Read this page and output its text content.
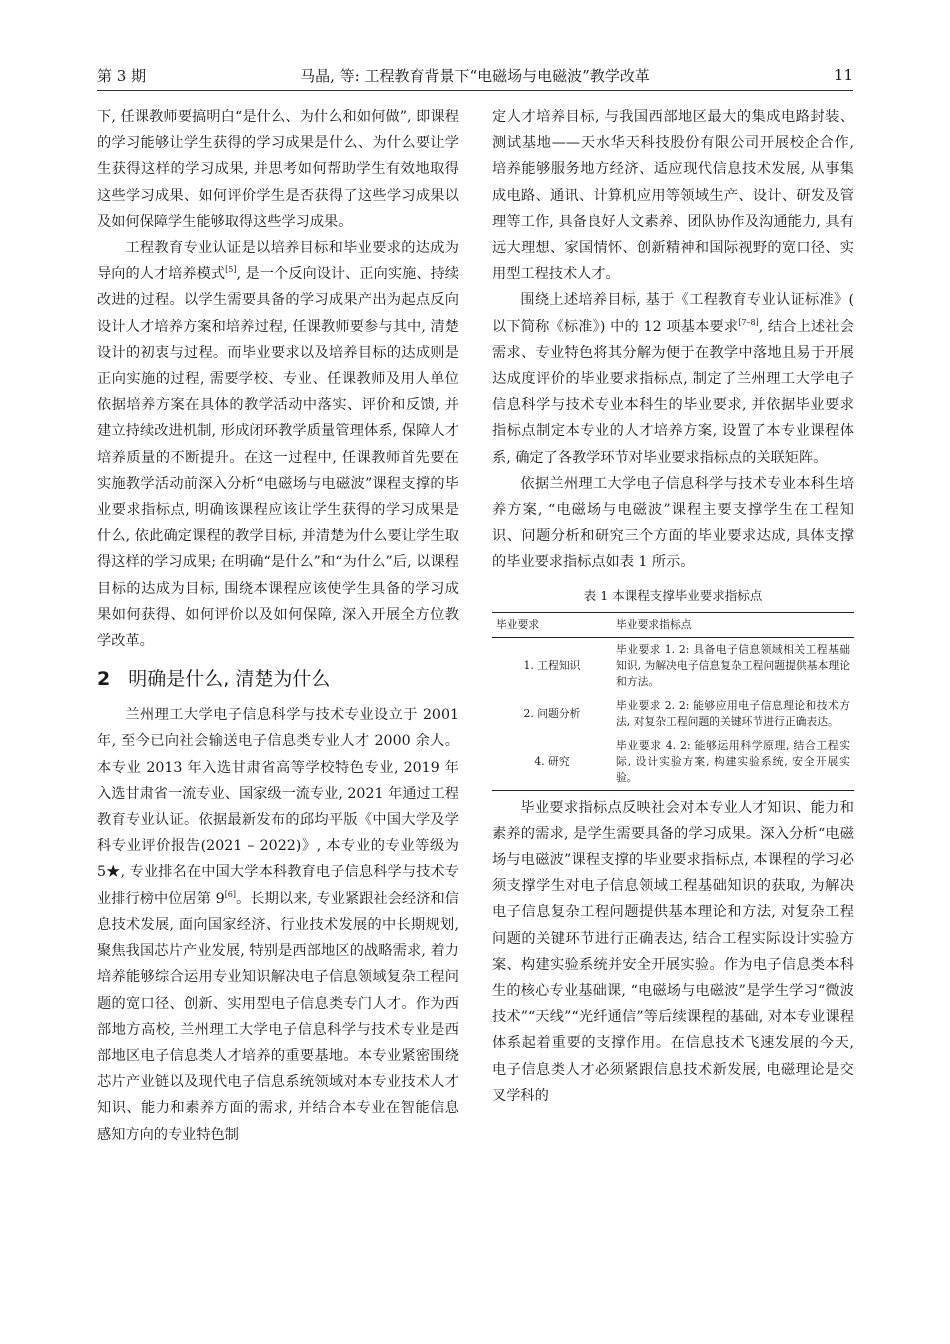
第 3 期	马晶, 等: 工程教育背景下“电磁场与电磁波”教学改革	11

下, 任课教师要搞明白“是什么、为什么和如何做”, 即课程的学习能够让学生获得的学习成果是什么、为什么要让学生获得这样的学习成果, 并思考如何帮助学生有效地取得这些学习成果、如何评价学生是否获得了这些学习成果以及如何保障学生能够取得这些学习成果。

工程教育专业认证是以培养目标和毕业要求的达成为导向的人才培养模式[5], 是一个反向设计、正向实施、持续改进的过程。以学生需要具备的学习成果产出为起点反向设计人才培养方案和培养过程, 任课教师要参与其中, 清楚设计的初衷与过程。而毕业要求以及培养目标的达成则是正向实施的过程, 需要学校、专业、任课教师及用人单位依据培养方案在具体的教学活动中落实、评价和反馈, 并建立持续改进机制, 形成闭环教学质量管理体系, 保障人才培养质量的不断提升。在这一过程中, 任课教师首先要在实施教学活动前深入分析“电磁场与电磁波”课程支撑的毕业要求指标点, 明确该课程应该让学生获得的学习成果是什么, 依此确定课程的教学目标, 并清楚为什么要让学生取得这样的学习成果; 在明确“是什么”和“为什么”后, 以课程目标的达成为目标, 围绕本课程应该使学生具备的学习成果如何获得、如何评价以及如何保障, 深入开展全方位教学改革。

2 明确是什么, 清楚为什么

兰州理工大学电子信息科学与技术专业设立于 2001 年, 至今已向社会输送电子信息类专业人才 2000 余人。本专业 2013 年入选甘肃省高等学校特色专业, 2019 年入选甘肃省一流专业、国家级一流专业, 2021 年通过工程教育专业认证。依据最新发布的邱均平版《中国大学及学科专业评价报告(2021 – 2022)》, 本专业的专业等级为 5★, 专业排名在中国大学本科教育电子信息科学与技术专业排行榜中位居第 9[6]。长期以来, 专业紧跟社会经济和信息技术发展, 面向国家经济、行业技术发展的中长期规划, 聚焦我国芯片产业发展, 特别是西部地区的战略需求, 着力培养能够综合运用专业知识解决电子信息领域复杂工程问题的宽口径、创新、实用型电子信息类专门人才。作为西部地方高校, 兰州理工大学电子信息科学与技术专业是西部地区电子信息类人才培养的重要基地。本专业紧密围绕芯片产业链以及现代电子信息系统领域对本专业技术人才知识、能力和素养方面的需求, 并结合本专业在智能信息感知方向的专业特色制

定人才培养目标, 与我国西部地区最大的集成电路封装、测试基地——天水华天科技股份有限公司开展校企合作, 培养能够服务地方经济、适应现代信息技术发展, 从事集成电路、通讯、计算机应用等领域生产、设计、研发及管理等工作, 具备良好人文素养、团队协作及沟通能力, 具有远大理想、家国情怀、创新精神和国际视野的宽口径、实用型工程技术人才。

围绕上述培养目标, 基于《工程教育专业认证标准》( 以下简称《标准》) 中的 12 项基本要求[7–8], 结合上述社会需求、专业特色将其分解为便于在教学中落地且易于开展达成度评价的毕业要求指标点, 制定了兰州理工大学电子信息科学与技术专业本科生的毕业要求, 并依据毕业要求指标点制定本专业的人才培养方案, 设置了本专业课程体系, 确定了各教学环节对毕业要求指标点的关联矩阵。

依据兰州理工大学电子信息科学与技术专业本科生培养方案, “电磁场与电磁波”课程主要支撑学生在工程知识、问题分析和研究三个方面的毕业要求达成, 具体支撑的毕业要求指标点如表 1 所示。

表 1 本课程支撑毕业要求指标点
毕业要求	毕业要求指标点
1. 工程知识	毕业要求 1. 2: 具备电子信息领域相关工程基础知识, 为解决电子信息复杂工程问题提供基本理论和方法。
2. 问题分析	毕业要求 2. 2: 能够应用电子信息理论和技术方法, 对复杂工程问题的关键环节进行正确表达。
4. 研究	毕业要求 4. 2: 能够运用科学原理, 结合工程实际, 设计实验方案, 构建实验系统, 安全开展实验。

毕业要求指标点反映社会对本专业人才知识、能力和素养的需求, 是学生需要具备的学习成果。深入分析“电磁场与电磁波”课程支撑的毕业要求指标点, 本课程的学习必须支撑学生对电子信息领域工程基础知识的获取, 为解决电子信息复杂工程问题提供基本理论和方法, 对复杂工程问题的关键环节进行正确表达, 结合工程实际设计实验方案、构建实验系统并安全开展实验。作为电子信息类本科生的核心专业基础课, “电磁场与电磁波”是学生学习“微波技术”“天线”“光纤通信”等后续课程的基础, 对本专业课程体系起着重要的支撑作用。在信息技术飞速发展的今天, 电子信息类人才必须紧跟信息技术新发展, 电磁理论是交叉学科的
